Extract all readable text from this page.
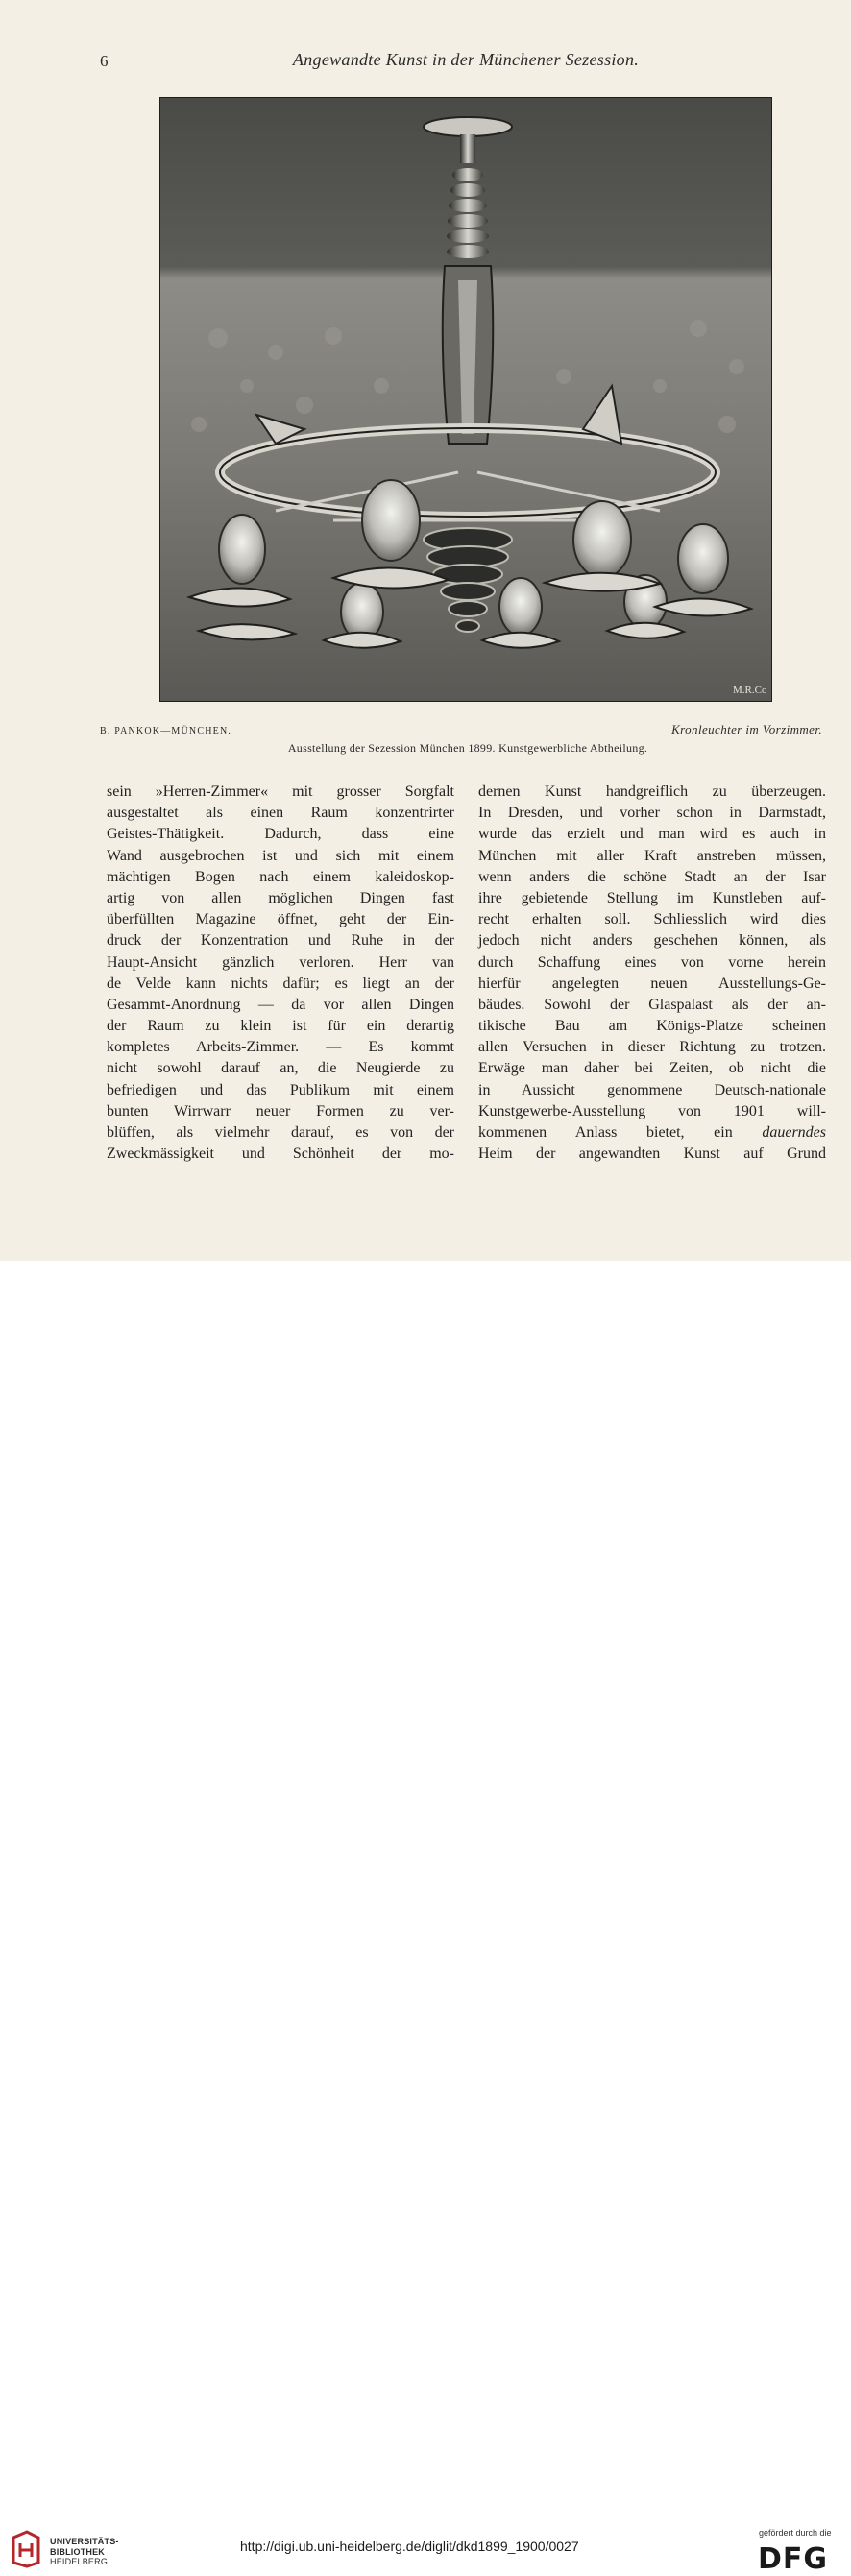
6	Angewandte Kunst in der Münchener Sezession.
M.R.Co
B. PANKOK—MÜNCHEN.	Kronleuchter im Vorzimmer.
Ausstellung der Sezession München 1899. Kunstgewerbliche Abtheilung.
sein »Herren-Zimmer« mit grosser Sorgfalt
ausgestaltet als einen Raum konzentrirter
Geistes-Thätigkeit. Dadurch, dass eine
Wand ausgebrochen ist und sich mit einem
mächtigen Bogen nach einem kaleidoskop-
artig von allen möglichen Dingen fast
überfüllten Magazine öffnet, geht der Ein-
druck der Konzentration und Ruhe in der
Haupt-Ansicht gänzlich verloren. Herr van
de Velde kann nichts dafür; es liegt an der
Gesammt-Anordnung — da vor allen Dingen
der Raum zu klein ist für ein derartig
kompletes Arbeits-Zimmer. — Es kommt
nicht sowohl darauf an, die Neugierde zu
befriedigen und das Publikum mit einem
bunten Wirrwarr neuer Formen zu ver-
blüffen, als vielmehr darauf, es von der
Zweckmässigkeit und Schönheit der mo-
dernen Kunst handgreiflich zu überzeugen.
In Dresden, und vorher schon in Darmstadt,
wurde das erzielt und man wird es auch in
München mit aller Kraft anstreben müssen,
wenn anders die schöne Stadt an der Isar
ihre gebietende Stellung im Kunstleben auf-
recht erhalten soll. Schliesslich wird dies
jedoch nicht anders geschehen können, als
durch Schaffung eines von vorne herein
hierfür angelegten neuen Ausstellungs-Ge-
bäudes. Sowohl der Glaspalast als der an-
tikische Bau am Königs-Platze scheinen
allen Versuchen in dieser Richtung zu trotzen.
Erwäge man daher bei Zeiten, ob nicht die
in Aussicht genommene Deutsch-nationale
Kunstgewerbe-Ausstellung von 1901 will-
kommenen Anlass bietet, ein dauerndes
Heim der angewandten Kunst auf Grund
UNIVERSITÄTS-
BIBLIOTHEK
HEIDELBERG
http://digi.ub.uni-heidelberg.de/diglit/dkd1899_1900/0027
gefördert durch die
DFG
